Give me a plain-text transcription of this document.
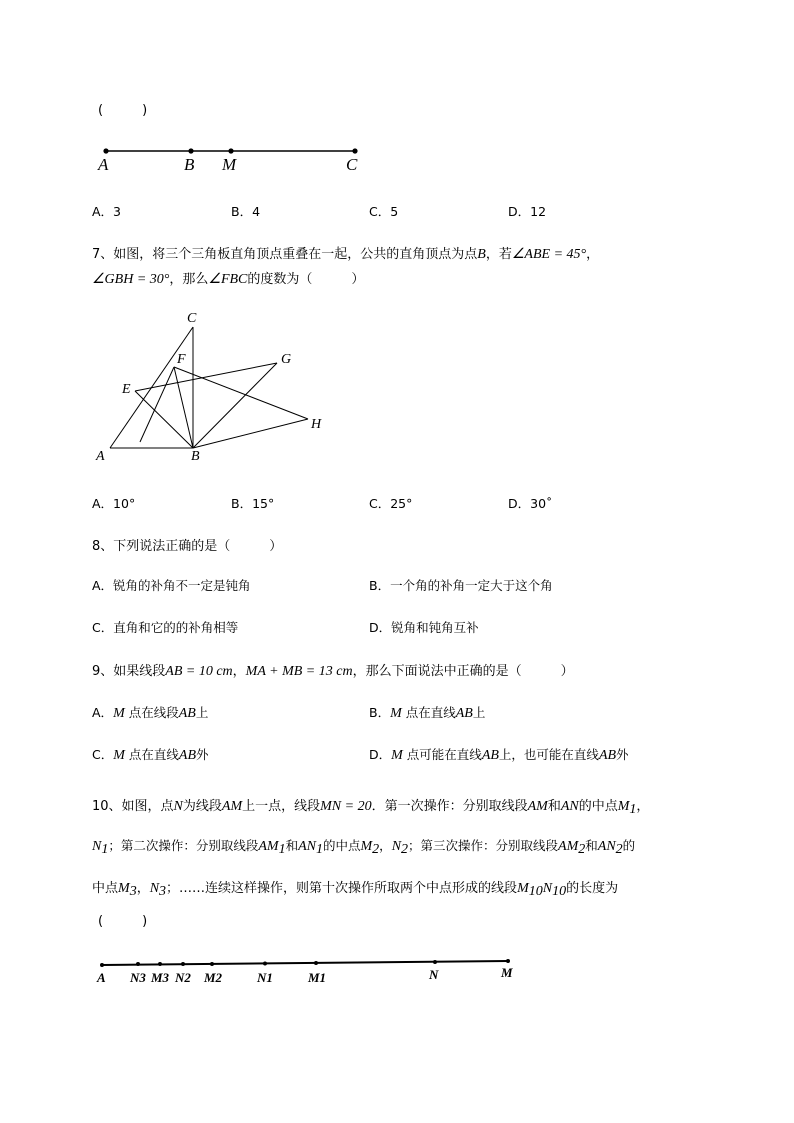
(　　　)
A	B M	C
A．3	B．4	C．5	D．12
7、如图，将三个三角板直角顶点重叠在一起，公共的直角顶点为点B，若∠ABE = 45°，
∠GBH = 30°，那么∠FBC的度数为（　　　）
C
F	G
E
H
A	B
A．10°	B．15°	C．25°	D．30˚
8、下列说法正确的是（　　　）
A．锐角的补角不一定是钝角	B．一个角的补角一定大于这个角
C．直角和它的的补角相等	D．锐角和钝角互补
9、如果线段AB = 10 cm，MA + MB = 13 cm，那么下面说法中正确的是（　　　）
A．M 点在线段AB上	B．M 点在直线AB上
C．M 点在直线AB外	D．M 点可能在直线AB上，也可能在直线AB外
10、如图，点N为线段AM上一点，线段MN = 20．第一次操作：分别取线段AM和AN的中点$M_1$，
$N_1$；第二次操作：分别取线段$AM_1$和$AN_1$的中点$M_2$，$N_2$；第三次操作：分别取线段$AM_2$和$AN_2$的
中点$M_3$，$N_3$；……连续这样操作，则第十次操作所取两个中点形成的线段$M_{10}N_{10}$的长度为
(　　　)
A N3 M3 N2 M2	N1	M1	N	M
